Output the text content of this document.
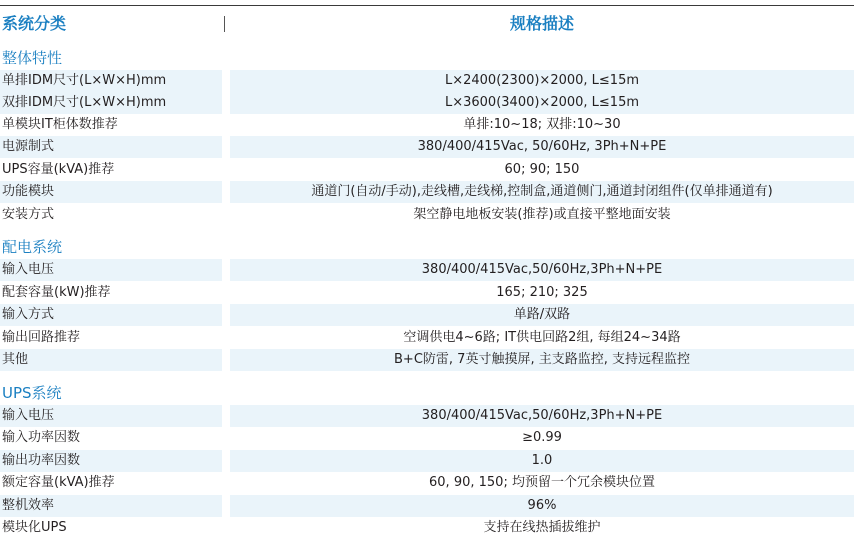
系统分类	规格描述
整体特性
单排IDM尺寸(L×W×H)mm	L×2400(2300)×2000, L≤15m
双排IDM尺寸(L×W×H)mm	L×3600(3400)×2000, L≤15m
单模块IT柜体数推荐	单排:10~18; 双排:10~30
电源制式	380/400/415Vac, 50/60Hz, 3Ph+N+PE
UPS容量(kVA)推荐	60; 90; 150
功能模块	通道门(自动/手动),走线槽,走线梯,控制盒,通道侧门,通道封闭组件(仅单排通道有)
安装方式	架空静电地板安装(推荐)或直接平整地面安装
配电系统
输入电压	380/400/415Vac,50/60Hz,3Ph+N+PE
配套容量(kW)推荐	165; 210; 325
输入方式	单路/双路
输出回路推荐	空调供电4~6路; IT供电回路2组, 每组24~34路
其他	B+C防雷, 7英寸触摸屏, 主支路监控, 支持远程监控
UPS系统
输入电压	380/400/415Vac,50/60Hz,3Ph+N+PE
输入功率因数	≥0.99
输出功率因数	1.0
额定容量(kVA)推荐	60, 90, 150; 均预留一个冗余模块位置
整机效率	96%
模块化UPS	支持在线热插拔维护
